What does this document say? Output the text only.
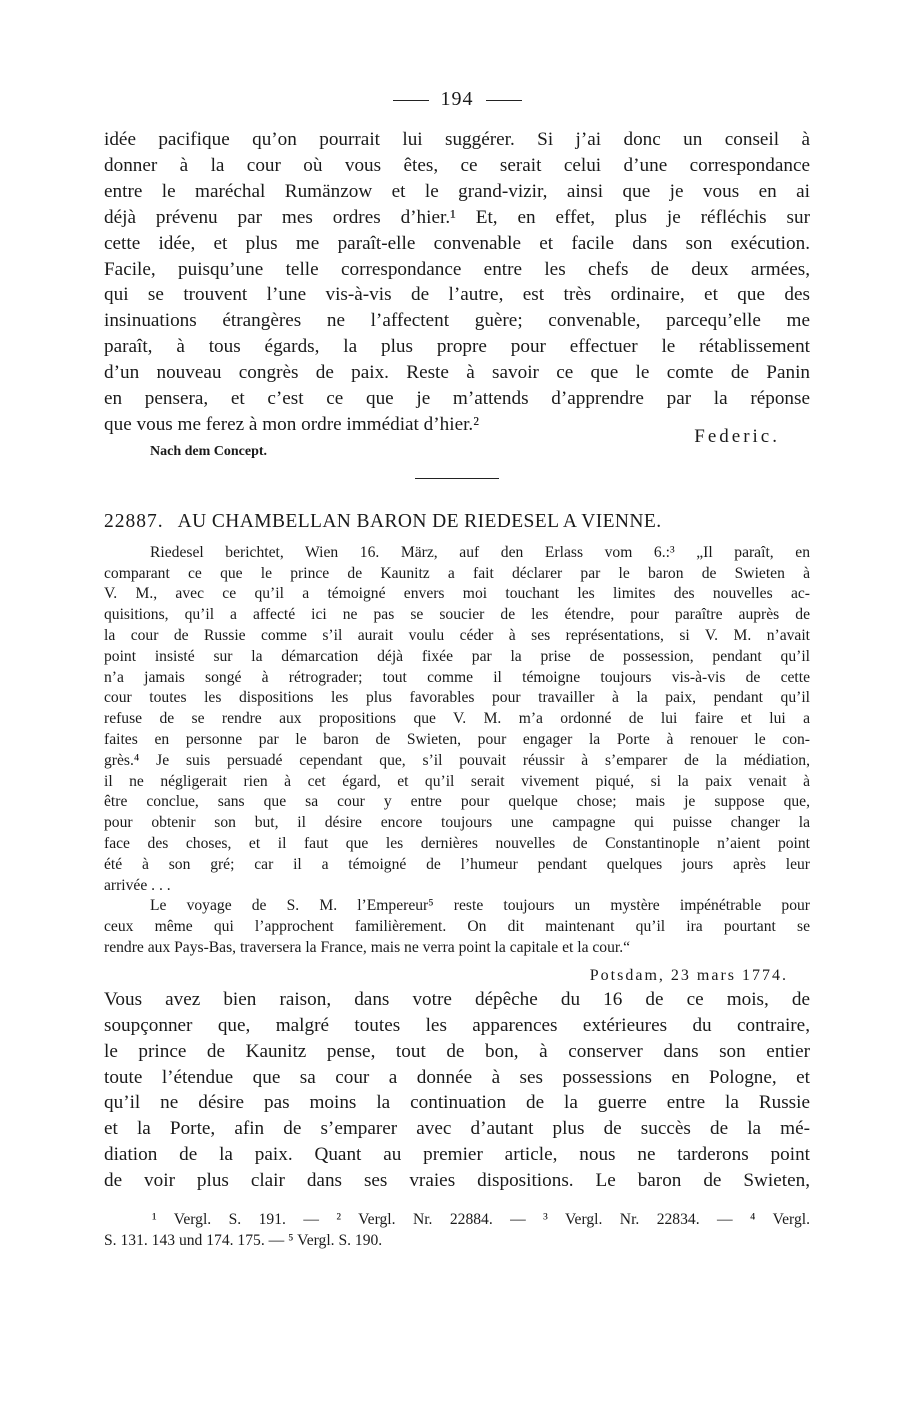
194
idée pacifique qu’on pourrait lui suggérer. Si j’ai donc un conseil à
donner à la cour où vous êtes, ce serait celui d’une correspondance
entre le maréchal Rumänzow et le grand-vizir, ainsi que je vous en ai
déjà prévenu par mes ordres d’hier.¹ Et, en effet, plus je réfléchis sur
cette idée, et plus me paraît-elle convenable et facile dans son exécution.
Facile, puisqu’une telle correspondance entre les chefs de deux armées,
qui se trouvent l’une vis-à-vis de l’autre, est très ordinaire, et que des
insinuations étrangères ne l’affectent guère; convenable, parcequ’elle me
paraît, à tous égards, la plus propre pour effectuer le rétablissement
d’un nouveau congrès de paix. Reste à savoir ce que le comte de Panin
en pensera, et c’est ce que je m’attends d’apprendre par la réponse
que vous me ferez à mon ordre immédiat d’hier.²
Nach dem Concept.
Federic.
22887. AU CHAMBELLAN BARON DE RIEDESEL A VIENNE.
Riedesel berichtet, Wien 16. März, auf den Erlass vom 6.:³ „Il paraît, en
comparant ce que le prince de Kaunitz a fait déclarer par le baron de Swieten à
V. M., avec ce qu’il a témoigné envers moi touchant les limites des nouvelles ac-
quisitions, qu’il a affecté ici ne pas se soucier de les étendre, pour paraître auprès de
la cour de Russie comme s’il aurait voulu céder à ses représentations, si V. M. n’avait
point insisté sur la démarcation déjà fixée par la prise de possession, pendant qu’il
n’a jamais songé à rétrograder; tout comme il témoigne toujours vis-à-vis de cette
cour toutes les dispositions les plus favorables pour travailler à la paix, pendant qu’il
refuse de se rendre aux propositions que V. M. m’a ordonné de lui faire et lui a
faites en personne par le baron de Swieten, pour engager la Porte à renouer le con-
grès.⁴ Je suis persuadé cependant que, s’il pouvait réussir à s’emparer de la médiation,
il ne négligerait rien à cet égard, et qu’il serait vivement piqué, si la paix venait à
être conclue, sans que sa cour y entre pour quelque chose; mais je suppose que,
pour obtenir son but, il désire encore toujours une campagne qui puisse changer la
face des choses, et il faut que les dernières nouvelles de Constantinople n’aient point
été à son gré; car il a témoigné de l’humeur pendant quelques jours après leur
arrivée . . .
Le voyage de S. M. l’Empereur⁵ reste toujours un mystère impénétrable pour
ceux même qui l’approchent familièrement. On dit maintenant qu’il ira pourtant se
rendre aux Pays-Bas, traversera la France, mais ne verra point la capitale et la cour.“
Potsdam, 23 mars 1774.
Vous avez bien raison, dans votre dépêche du 16 de ce mois, de
soupçonner que, malgré toutes les apparences extérieures du contraire,
le prince de Kaunitz pense, tout de bon, à conserver dans son entier
toute l’étendue que sa cour a donnée à ses possessions en Pologne, et
qu’il ne désire pas moins la continuation de la guerre entre la Russie
et la Porte, afin de s’emparer avec d’autant plus de succès de la mé-
diation de la paix. Quant au premier article, nous ne tarderons point
de voir plus clair dans ses vraies dispositions. Le baron de Swieten,
¹ Vergl. S. 191. — ² Vergl. Nr. 22884. — ³ Vergl. Nr. 22834. — ⁴ Vergl.
S. 131. 143 und 174. 175. — ⁵ Vergl. S. 190.
